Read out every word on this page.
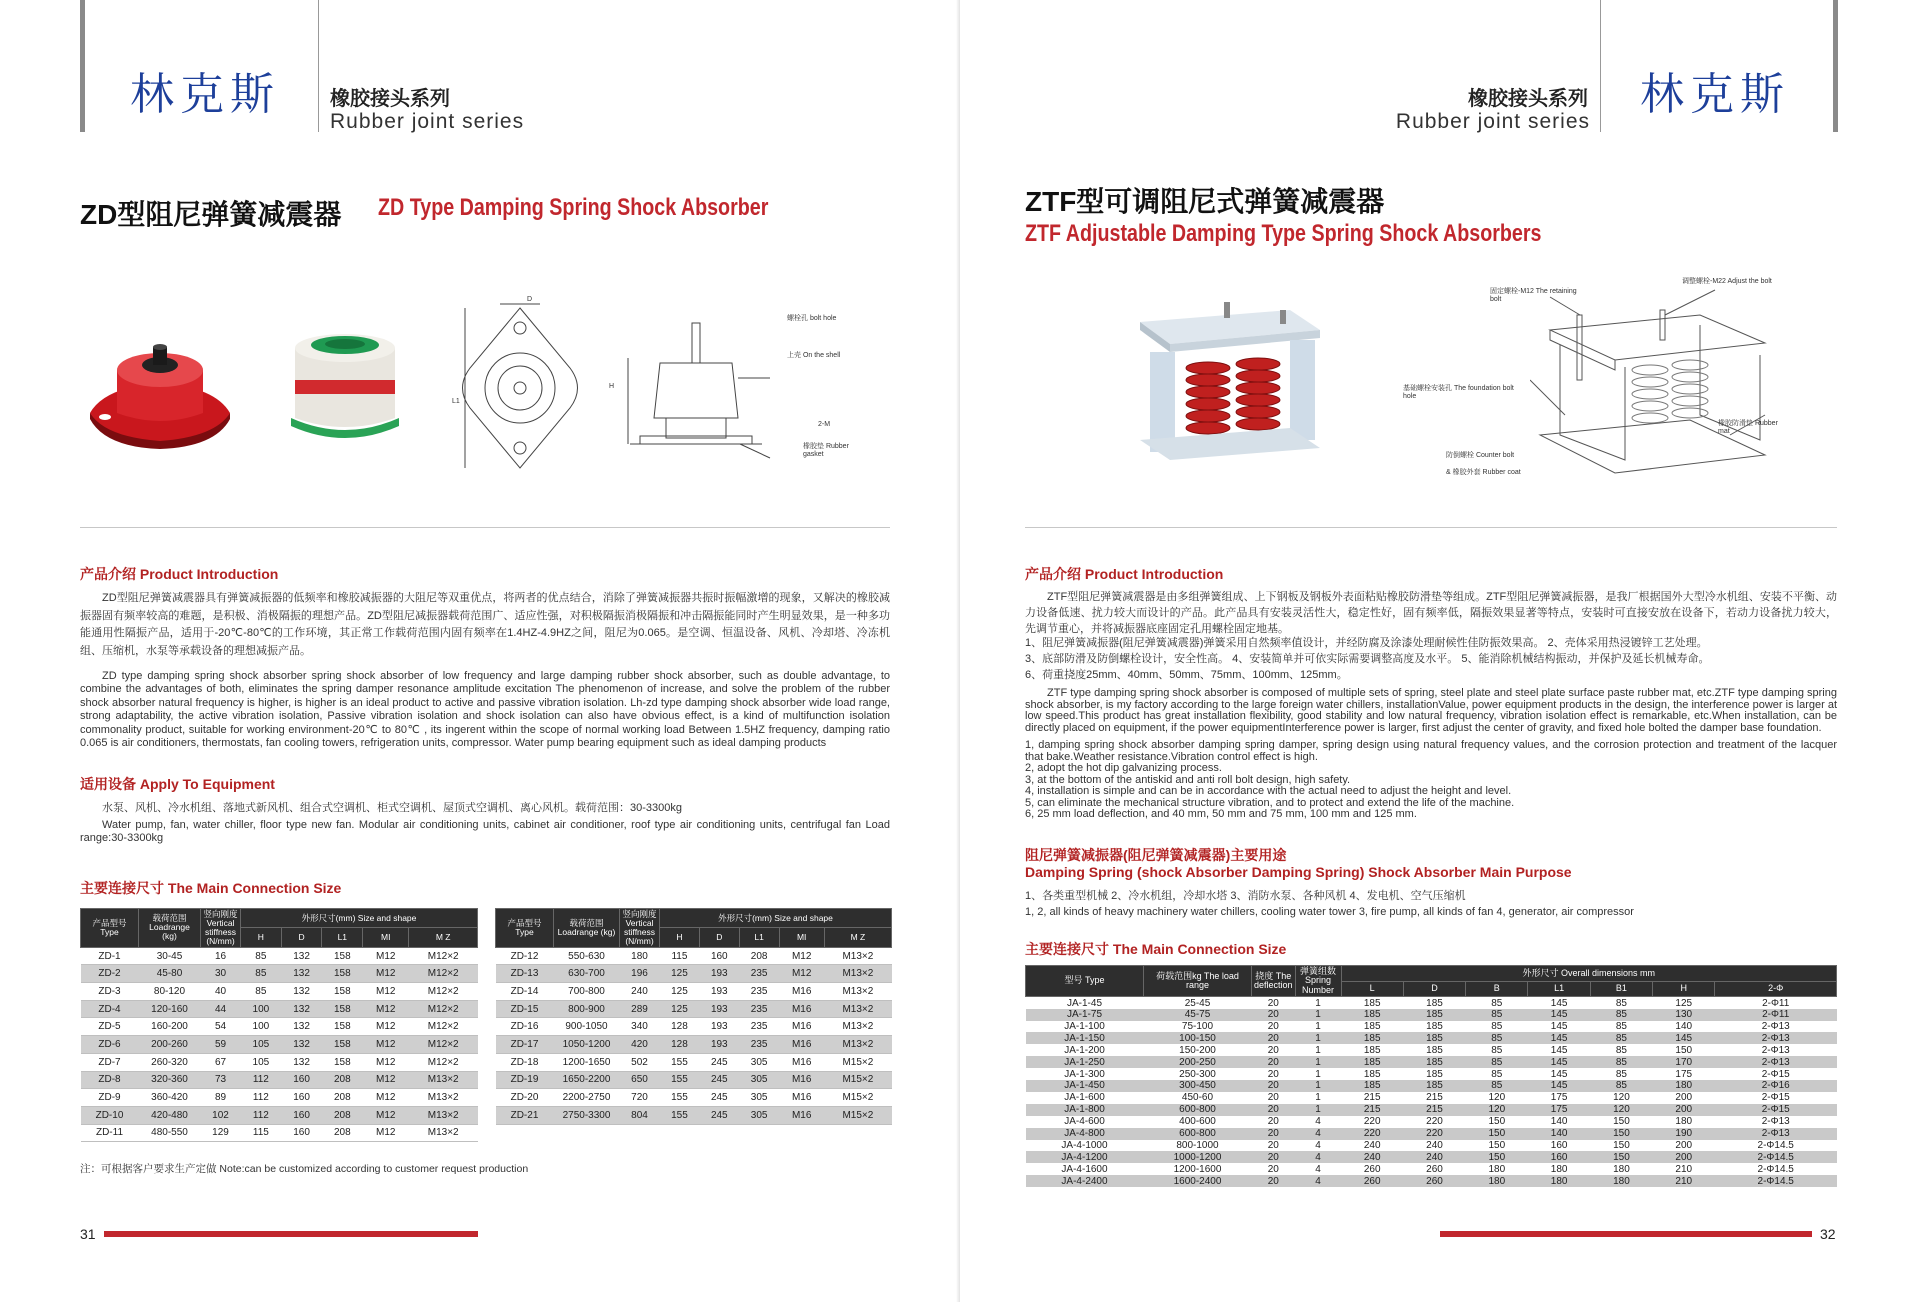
林克斯	橡胶接头系列
Rubber joint series
ZD型阻尼弹簧减震器 ZD Type Damping Spring Shock Absorber
D
L1
H
螺栓孔 bolt hole
上壳 On the shell
2-M
橡胶垫 Rubber gasket
产品介绍 Product Introduction
ZD型阻尼弹簧减震器具有弹簧减振器的低频率和橡胶减振器的大阻尼等双重优点，将两者的优点结合，消除了弹簧减振器共振时振幅激增的现象，又解决的橡胶减振器固有频率较高的难题，是积极、消极隔振的理想产品。ZD型阻尼减振器载荷范围广、适应性强，对积极隔振消极隔振和冲击隔振能同时产生明显效果，是一种多功能通用性隔振产品，适用于-20℃-80℃的工作环境，其正常工作载荷范围内固有频率在1.4HZ-4.9HZ之间，阻尼为0.065。是空调、恒温设备、风机、冷却塔、冷冻机组、压缩机，水泵等承载设备的理想减振产品。
ZD type damping spring shock absorber spring shock absorber of low frequency and large damping rubber shock absorber, such as double advantage, to combine the advantages of both, eliminates the spring damper resonance amplitude excitation The phenomenon of increase, and solve the problem of the rubber shock absorber natural frequency is higher, is higher is an ideal product to active and passive vibration isolation. Lh-zd type damping shock absorber wide load range, strong adaptability, the active vibration isolation, Passive vibration isolation and shock isolation can also have obvious effect, is a kind of multifunction isolation commonality product, suitable for working environment-20℃ to 80℃ , its ingerent within the scope of normal working load Between 1.5HZ frequency, damping ratio 0.065 is air conditioners, thermostats, fan cooling towers, refrigeration units, compressor. Water pump bearing equipment such as ideal damping products
适用设备 Apply To Equipment
水泵、风机、冷水机组、落地式新风机、组合式空调机、柜式空调机、屋顶式空调机、离心风机。载荷范围：30-3300kg
Water pump, fan, water chiller, floor type new fan. Modular air conditioning units, cabinet air conditioner, roof type air conditioning units, centrifugal fan Load range:30-3300kg
主要连接尺寸 The Main Connection Size
产品型号 Type	载荷范围 Loadrange (kg)	竖向刚度 Vertical stiffness (N/mm)	外形尺寸(mm) Size and shape				
			H	D	L1	MI	M Z
ZD-1	30-45	16	85	132	158	M12	M12×2
ZD-2	45-80	30	85	132	158	M12	M12×2
ZD-3	80-120	40	85	132	158	M12	M12×2
ZD-4	120-160	44	100	132	158	M12	M12×2
ZD-5	160-200	54	100	132	158	M12	M12×2
ZD-6	200-260	59	105	132	158	M12	M12×2
ZD-7	260-320	67	105	132	158	M12	M12×2
ZD-8	320-360	73	112	160	208	M12	M13×2
ZD-9	360-420	89	112	160	208	M12	M13×2
ZD-10	420-480	102	112	160	208	M12	M13×2
ZD-11	480-550	129	115	160	208	M12	M13×2
产品型号 Type	载荷范围 Loadrange (kg)	竖向刚度 Vertical stiffness (N/mm)	外形尺寸(mm) Size and shape				
			H	D	L1	MI	M Z
ZD-12	550-630	180	115	160	208	M12	M13×2
ZD-13	630-700	196	125	193	235	M12	M13×2
ZD-14	700-800	240	125	193	235	M16	M13×2
ZD-15	800-900	289	125	193	235	M16	M13×2
ZD-16	900-1050	340	128	193	235	M16	M13×2
ZD-17	1050-1200	420	128	193	235	M16	M13×2
ZD-18	1200-1650	502	155	245	305	M16	M15×2
ZD-19	1650-2200	650	155	245	305	M16	M15×2
ZD-20	2200-2750	720	155	245	305	M16	M15×2
ZD-21	2750-3300	804	155	245	305	M16	M15×2
注：可根据客户要求生产定做 Note:can be customized according to customer request production
31
橡胶接头系列
Rubber joint series
林克斯
ZTF型可调阻尼式弹簧减震器
ZTF Adjustable Damping Type Spring Shock Absorbers
固定螺栓-M12 The retaining bolt
调整螺栓-M22 Adjust the bolt
基础螺栓安装孔 The foundation bolt hole
防倒螺栓 Counter bolt
& 橡胶外套 Rubber coat
橡胶防滑垫 Rubber mat
产品介绍 Product Introduction
ZTF型阻尼弹簧减震器是由多组弹簧组成、上下钢板及钢板外表面粘贴橡胶防滑垫等组成。ZTF型阻尼弹簧减振器，是我厂根据国外大型冷水机组、安装不平衡、动力设备低速、扰力较大而设计的产品。此产品具有安装灵活性大，稳定性好，固有频率低，隔振效果显著等特点，安装时可直接安放在设备下，若动力设备扰力较大，先调节重心，并将减振器底座固定孔用螺栓固定地基。
1、阻尼弹簧减振器(阻尼弹簧减震器)弹簧采用自然频率值设计，并经防腐及涂漆处理耐候性佳防振效果高。 2、壳体采用热浸镀锌工艺处理。
3、底部防滑及防倒螺栓设计，安全性高。 4、安装简单并可依实际需要调整高度及水平。 5、能消除机械结构振动，并保护及延长机械寿命。
6、荷重挠度25mm、40mm、50mm、75mm、100mm、125mm。
ZTF type damping spring shock absorber is composed of multiple sets of spring, steel plate and steel plate surface paste rubber mat, etc.ZTF type damping spring shock absorber, is my factory according to the large foreign water chillers, installationValue, power equipment products in the design, the interference power is larger at low speed.This product has great installation flexibility, good stability and low natural frequency, vibration isolation effect is remarkable, etc.When installation, can be directly placed on equipment, if the power equipmentInterference power is larger, first adjust the center of gravity, and fixed hole bolted the damper base foundation.
1, damping spring shock absorber damping spring damper, spring design using natural frequency values, and the corrosion protection and treatment of the lacquer that bake.Weather resistance.Vibration control effect is high.
2, adopt the hot dip galvanizing process.
3, at the bottom of the antiskid and anti roll bolt design, high safety.
4, installation is simple and can be in accordance with the actual need to adjust the height and level.
5, can eliminate the mechanical structure vibration, and to protect and extend the life of the machine.
6, 25 mm load deflection, and 40 mm, 50 mm and 75 mm, 100 mm and 125 mm.
阻尼弹簧减振器(阻尼弹簧减震器)主要用途
Damping Spring (shock Absorber Damping Spring) Shock Absorber Main Purpose
1、各类重型机械 2、冷水机组，冷却水塔 3、消防水泵、各种风机 4、发电机、空气压缩机
1, 2, all kinds of heavy machinery water chillers, cooling water tower 3, fire pump, all kinds of fan 4, generator, air compressor
主要连接尺寸 The Main Connection Size
型号 Type	荷载范围kg The load range	挠度 The deflection	弹簧组数 Spring Number	外形尺寸 Overall dimensions mm						
				L	D	B	L1	B1	H	2-Φ
JA-1-45	25-45	20	1	185	185	85	145	85	125	2-Φ11
JA-1-75	45-75	20	1	185	185	85	145	85	130	2-Φ11
JA-1-100	75-100	20	1	185	185	85	145	85	140	2-Φ13
JA-1-150	100-150	20	1	185	185	85	145	85	145	2-Φ13
JA-1-200	150-200	20	1	185	185	85	145	85	150	2-Φ13
JA-1-250	200-250	20	1	185	185	85	145	85	170	2-Φ13
JA-1-300	250-300	20	1	185	185	85	145	85	175	2-Φ15
JA-1-450	300-450	20	1	185	185	85	145	85	180	2-Φ16
JA-1-600	450-60	20	1	215	215	120	175	120	200	2-Φ15
JA-1-800	600-800	20	1	215	215	120	175	120	200	2-Φ15
JA-4-600	400-600	20	4	220	220	150	140	150	180	2-Φ13
JA-4-800	600-800	20	4	220	220	150	140	150	190	2-Φ13
JA-4-1000	800-1000	20	4	240	240	150	160	150	200	2-Φ14.5
JA-4-1200	1000-1200	20	4	240	240	150	160	150	200	2-Φ14.5
JA-4-1600	1200-1600	20	4	260	260	180	180	180	210	2-Φ14.5
JA-4-2400	1600-2400	20	4	260	260	180	180	180	210	2-Φ14.5
32
